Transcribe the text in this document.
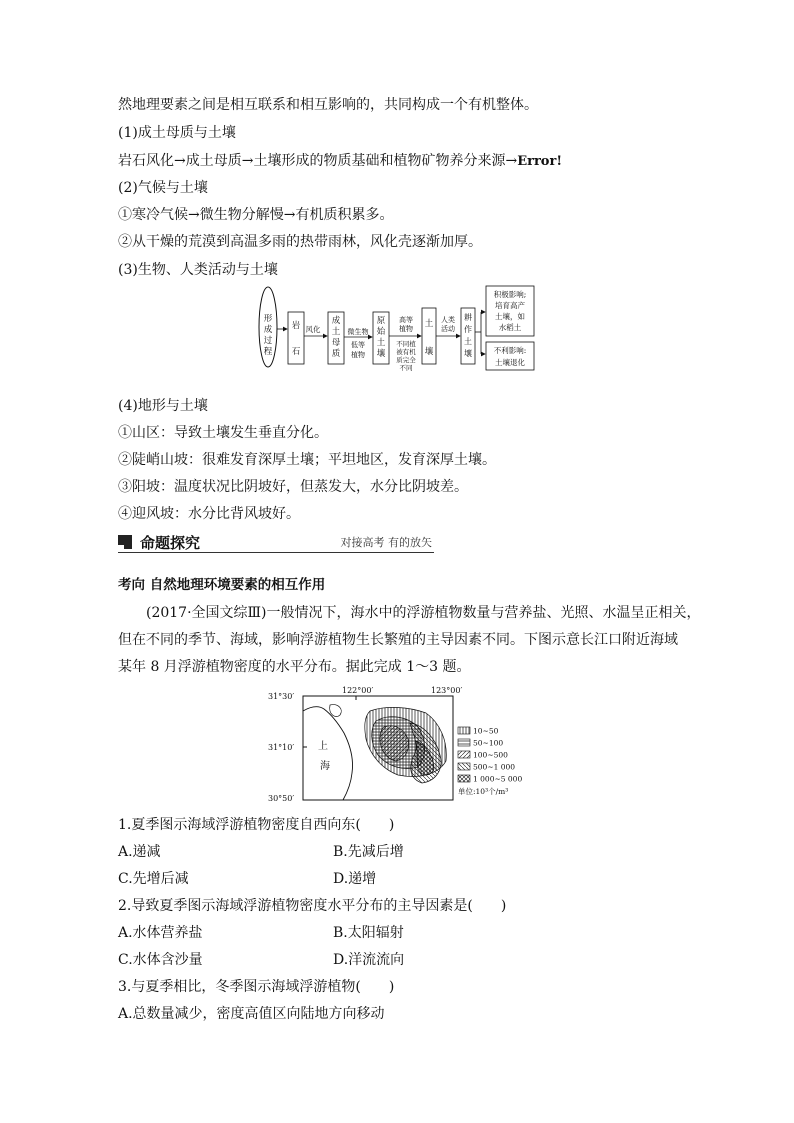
然地理要素之间是相互联系和相互影响的，共同构成一个有机整体。
(1)成土母质与土壤
岩石风化→成土母质→土壤形成的物质基础和植物矿物养分来源→Error!
(2)气候与土壤
①寒冷气候→微生物分解慢→有机质积累多。
②从干燥的荒漠到高温多雨的热带雨林，风化壳逐渐加厚。
(3)生物、人类活动与土壤
形
成
过
程
岩
石
风化
成
土
母
质
微生物
低等
植物
原
始
土
壤
高等
植物
不同植
被有机
质完全
不同
土
壤
人类
活动
耕
作
土
壤
积极影响;
培育高产
土壤，如
水稻土
不利影响:
土壤退化
(4)地形与土壤
①山区：导致土壤发生垂直分化。
②陡峭山坡：很难发育深厚土壤；平坦地区，发育深厚土壤。
③阳坡：温度状况比阴坡好，但蒸发大，水分比阴坡差。
④迎风坡：水分比背风坡好。
命题探究	对接高考 有的放矢
考向 自然地理环境要素的相互作用
(2017·全国文综Ⅲ)一般情况下，海水中的浮游植物数量与营养盐、光照、水温呈正相关，
但在不同的季节、海域，影响浮游植物生长繁殖的主导因素不同。下图示意长江口附近海域
某年 8 月浮游植物密度的水平分布。据此完成 1～3 题。
122°00′	123°00′
31°30′
31°10′
30°50′
上
海
10~50
50~100
100~500
500~1 000
1 000~5 000
单位:10³个/m³
1.夏季图示海域浮游植物密度自西向东(　　)
A.递减	B.先减后增
C.先增后减	D.递增
2.导致夏季图示海域浮游植物密度水平分布的主导因素是(　　)
A.水体营养盐	B.太阳辐射
C.水体含沙量	D.洋流流向
3.与夏季相比，冬季图示海域浮游植物(　　)
A.总数量减少，密度高值区向陆地方向移动
